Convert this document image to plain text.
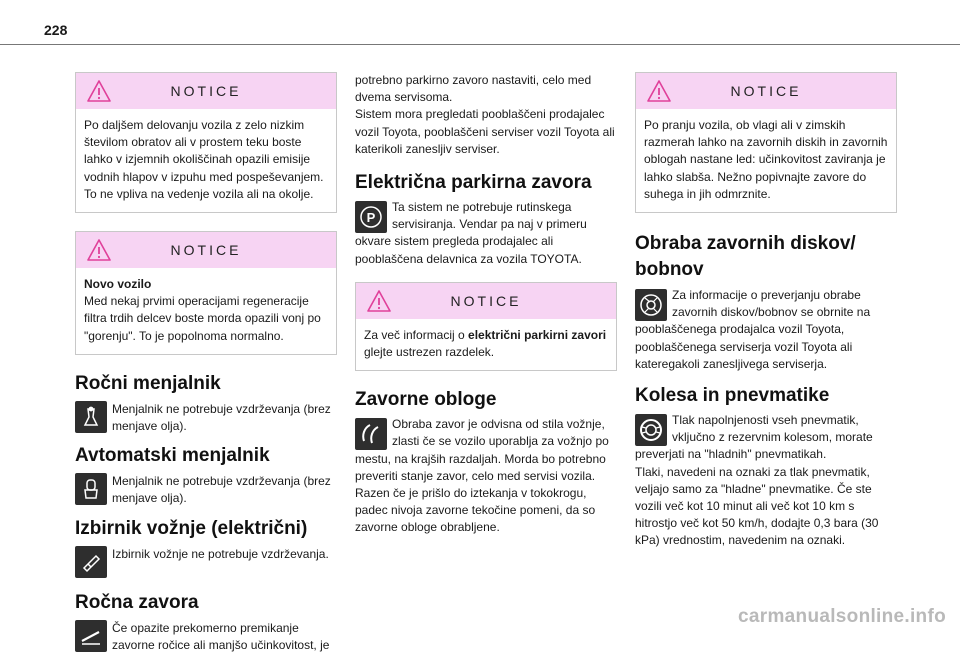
228
NOTICE
Po daljšem delovanju vozila z zelo nizkim številom obratov ali v prostem teku boste lahko v izjemnih okoliščinah opazili emisije vodnih hlapov v izpuhu med pospeševanjem. To ne vpliva na vedenje vozila ali na okolje.
NOTICE
Novo vozilo
Med nekaj prvimi operacijami regeneracije filtra trdih delcev boste morda opazili vonj po "gorenju". To je popolnoma normalno.
Ročni menjalnik
Menjalnik ne potrebuje vzdrževanja (brez menjave olja).
Avtomatski menjalnik
Menjalnik ne potrebuje vzdrževanja (brez menjave olja).
Izbirnik vožnje (električni)
Izbirnik vožnje ne potrebuje vzdrževanja.
Ročna zavora
Če opazite prekomerno premikanje zavorne ročice ali manjšo učinkovitost, je

potrebno parkirno zavoro nastaviti, celo med dvema servisoma.
Sistem mora pregledati pooblaščeni prodajalec vozil Toyota, pooblaščeni serviser vozil Toyota ali katerikoli zanesljiv serviser.

Električna parkirna zavora
P
Ta sistem ne potrebuje rutinskega servisiranja. Vendar pa naj v primeru okvare sistem pregleda prodajalec ali pooblaščena delavnica za vozila TOYOTA.
NOTICE
Za več informacij o električni parkirni zavori glejte ustrezen razdelek.
Zavorne obloge
Obraba zavor je odvisna od stila vožnje, zlasti če se vozilo uporablja za vožnjo po mestu, na krajših razdaljah. Morda bo potrebno preveriti stanje zavor, celo med servisi vozila. Razen če je prišlo do iztekanja v tokokrogu, padec nivoja zavorne tekočine pomeni, da so zavorne obloge obrabljene.
NOTICE
Po pranju vozila, ob vlagi ali v zimskih razmerah lahko na zavornih diskih in zavornih oblogah nastane led: učinkovitost zaviranja je lahko slabša. Nežno popivnajte zavore do suhega in jih odmrznite.
Obraba zavornih diskov/ bobnov
Za informacije o preverjanju obrabe zavornih diskov/bobnov se obrnite na pooblaščenega prodajalca vozil Toyota, pooblaščenega serviserja vozil Toyota ali kateregakoli zanesljivega serviserja.
Kolesa in pnevmatike
Tlak napolnjenosti vseh pnevmatik, vključno z rezervnim kolesom, morate preverjati na "hladnih" pnevmatikah.
Tlaki, navedeni na oznaki za tlak pnevmatik, veljajo samo za "hladne" pnevmatike. Če ste vozili več kot 10 minut ali več kot 10 km s hitrostjo več kot 50 km/h, dodajte 0,3 bara (30 kPa) vrednostim, navedenim na oznaki.
carmanualsonline.info
